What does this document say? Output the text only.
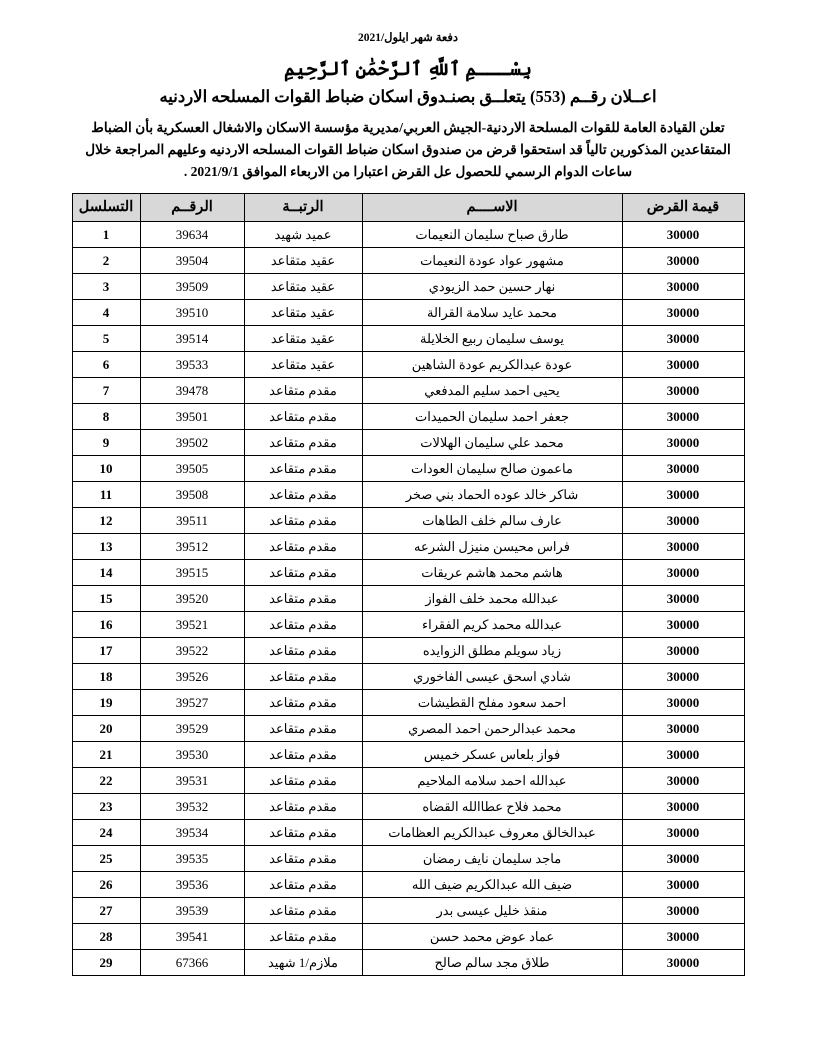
دفعة شهر ايلول/2021
بِسْـــمِ ٱللَّهِ ٱلرَّحْمَٰنِ ٱلرَّحِيمِ
اعــلان رقــم (553) يتعلــق بصنـدوق اسكان ضباط القوات المسلحه الاردنيه
تعلن القيادة العامة للقوات المسلحة الاردنية-الجيش العربي/مديرية مؤسسة الاسكان والاشغال العسكرية بأن الضباط
المتقاعدين المذكورين تالياً قد استحقوا قرض من صندوق اسكان ضباط القوات المسلحه الاردنيه وعليهم المراجعة خلال
ساعات الدوام الرسمي للحصول عل القرض اعتبارا من الاربعاء الموافق 2021/9/1 .
قيمة القرض	الاســــم	الرتبــة	الرقــم	التسلسل
30000	طارق صباح سليمان النعيمات	عميد شهيد	39634	1
30000	مشهور عواد عودة النعيمات	عقيد متقاعد	39504	2
30000	نهار حسين حمد الزيودي	عقيد متقاعد	39509	3
30000	محمد عايد سلامة القرالة	عقيد متقاعد	39510	4
30000	يوسف سليمان ربيع الخلايلة	عقيد متقاعد	39514	5
30000	عودة عبدالكريم عودة الشاهين	عقيد متقاعد	39533	6
30000	يحيى احمد سليم المدفعي	مقدم متقاعد	39478	7
30000	جعفر احمد سليمان الحميدات	مقدم متقاعد	39501	8
30000	محمد علي سليمان الهلالات	مقدم متقاعد	39502	9
30000	ماعمون صالح سليمان العودات	مقدم متقاعد	39505	10
30000	شاكر خالد عوده الحماد بني صخر	مقدم متقاعد	39508	11
30000	عارف سالم خلف الطاهات	مقدم متقاعد	39511	12
30000	فراس محيسن منيزل الشرعه	مقدم متقاعد	39512	13
30000	هاشم محمد هاشم عريقات	مقدم متقاعد	39515	14
30000	عبدالله محمد خلف الفواز	مقدم متقاعد	39520	15
30000	عبدالله محمد كريم الفقراء	مقدم متقاعد	39521	16
30000	زياد سويلم مطلق الزوايده	مقدم متقاعد	39522	17
30000	شادي اسحق عيسى الفاخوري	مقدم متقاعد	39526	18
30000	احمد سعود مفلح القطيشات	مقدم متقاعد	39527	19
30000	محمد عبدالرحمن احمد المصري	مقدم متقاعد	39529	20
30000	فواز بلعاس عسكر خميس	مقدم متقاعد	39530	21
30000	عبدالله احمد سلامه الملاحيم	مقدم متقاعد	39531	22
30000	محمد فلاح عطاالله القضاه	مقدم متقاعد	39532	23
30000	عبدالخالق معروف عبدالكريم العظامات	مقدم متقاعد	39534	24
30000	ماجد سليمان نايف رمضان	مقدم متقاعد	39535	25
30000	ضيف الله عبدالكريم ضيف الله	مقدم متقاعد	39536	26
30000	منقذ خليل عيسى بدر	مقدم متقاعد	39539	27
30000	عماد عوض محمد حسن	مقدم متقاعد	39541	28
30000	طلاق مجد سالم صالح	ملازم/1 شهيد	67366	29
